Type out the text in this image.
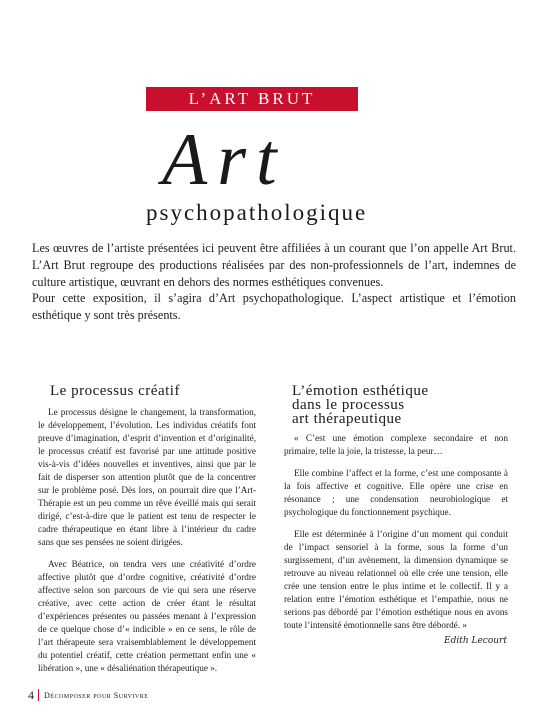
L’ART BRUT
Art
psychopathologique

Les œuvres de l’artiste présentées ici peuvent être affiliées à un courant que l’on appelle Art Brut. L’Art Brut regroupe des productions réalisées par des non-professionnels de l’art, indemnes de culture artistique, œuvrant en dehors des normes esthétiques convenues.

Pour cette exposition, il s’agira d’Art psychopathologique. L’aspect artistique et l’émotion esthétique y sont très présents.

Le processus créatif

Le processus désigne le changement, la transformation, le développement, l’évolution. Les individus créatifs font preuve d’imagination, d’esprit d’invention et d’originalité, le processus créatif est favorisé par une attitude positive vis-à-vis d’idées nouvelles et inventives, ainsi que par le fait de disperser son attention plutôt que de la concentrer sur le problème posé. Dès lors, on pourrait dire que l’Art-Thérapie est un peu comme un rêve éveillé mais qui serait dirigé, c’est-à-dire que le patient est tenu de respecter le cadre thérapeutique en étant libre à l’intérieur du cadre sans que ses pensées ne soient dirigées.

Avec Béatrice, on tendra vers une créativité d’ordre affective plutôt que d’ordre cognitive, créativité d’ordre affective selon son parcours de vie qui sera une réserve créative, avec cette action de créer étant le résultat d’expériences présentes ou passées menant à l’expression de ce quelque chose d’« indicible » en ce sens, le rôle de l’art thérapeute sera vraisemblablement le développement du potentiel créatif, cette création permettant enfin une « libération », une « désaliénation thérapeutique ».

L’émotion esthétique
dans le processus
art thérapeutique

« C’est une émotion complexe secondaire et non primaire, telle la joie, la tristesse, la peur…

Elle combine l’affect et la forme, c’est une composante à la fois affective et cognitive. Elle opère une crise en résonance ; une condensation neurobiologique et psychologique du fonctionnement psychique.

Elle est déterminée à l’origine d’un moment qui conduit de l’impact sensoriel à la forme, sous la forme d’un surgissement, d’un avènement, la dimension dynamique se retrouve au niveau relationnel où elle crée une tension, elle crée une tension entre le plus intime et le collectif. Il y a relation entre l’émotion esthétique et l’empathie, nous ne serions pas débordé par l’émotion esthétique nous en avons toute l’intensité émotionnelle sans être débordé. »

Edith Lecourt
4 Décomposer pour Survivre
